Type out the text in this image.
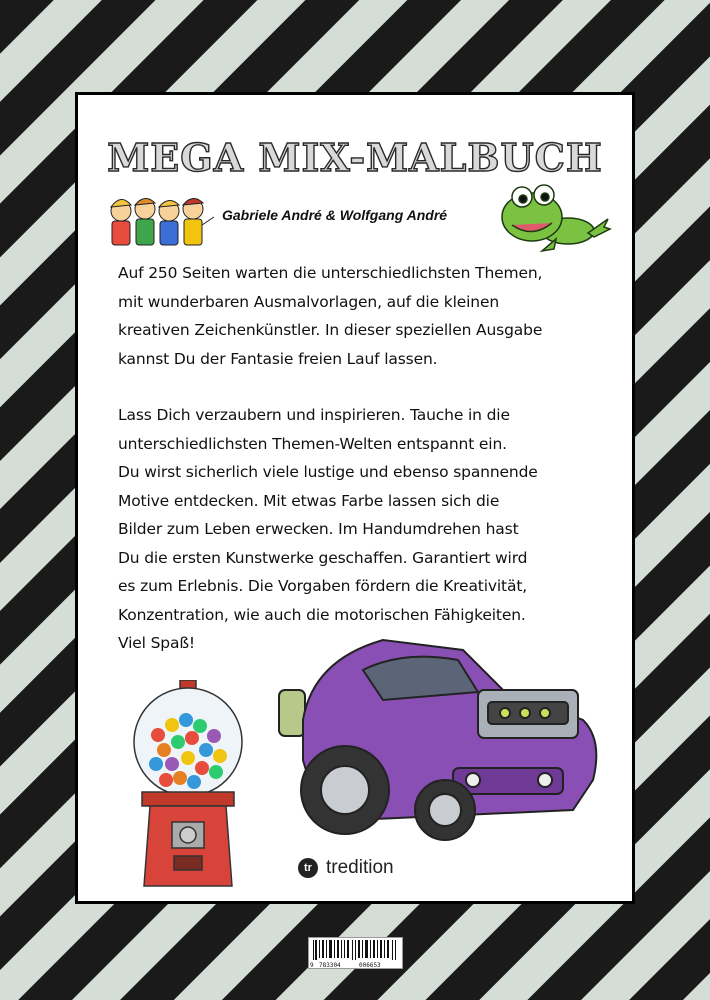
MEGA MIX-MALBUCH
Gabriele André & Wolfgang André

Auf 250 Seiten warten die unterschiedlichsten Themen,
mit wunderbaren Ausmalvorlagen, auf die kleinen
kreativen Zeichenkünstler. In dieser speziellen Ausgabe
kannst Du der Fantasie freien Lauf lassen.

Lass Dich verzaubern und inspirieren. Tauche in die
unterschiedlichsten Themen-Welten entspannt ein.
Du wirst sicherlich viele lustige und ebenso spannende
Motive entdecken. Mit etwas Farbe lassen sich die
Bilder zum Leben erwecken. Im Handumdrehen hast
Du die ersten Kunstwerke geschaffen. Garantiert wird
es zum Erlebnis. Die Vorgaben fördern die Kreativität,
Konzentration, wie auch die motorischen Fähigkeiten.
Viel Spaß!

tr tredition
9 783304	006653
